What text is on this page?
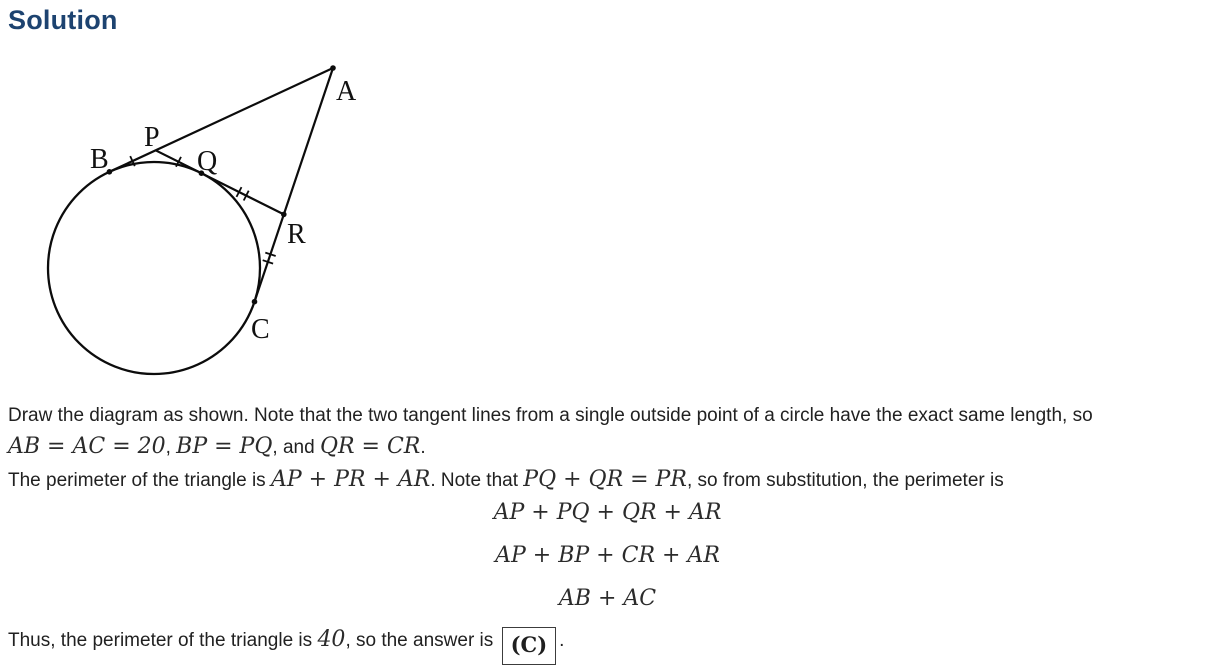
Solution
A
B
P
Q
R
C
Draw the diagram as shown. Note that the two tangent lines from a single outside point of a circle have the exact same length, so
AB = AC = 20, BP = PQ, and QR = CR.
The perimeter of the triangle is AP + PR + AR. Note that PQ + QR = PR, so from substitution, the perimeter is
AP + PQ + QR + AR
AP + BP + CR + AR
AB + AC
Thus, the perimeter of the triangle is 40, so the answer is (C) .
